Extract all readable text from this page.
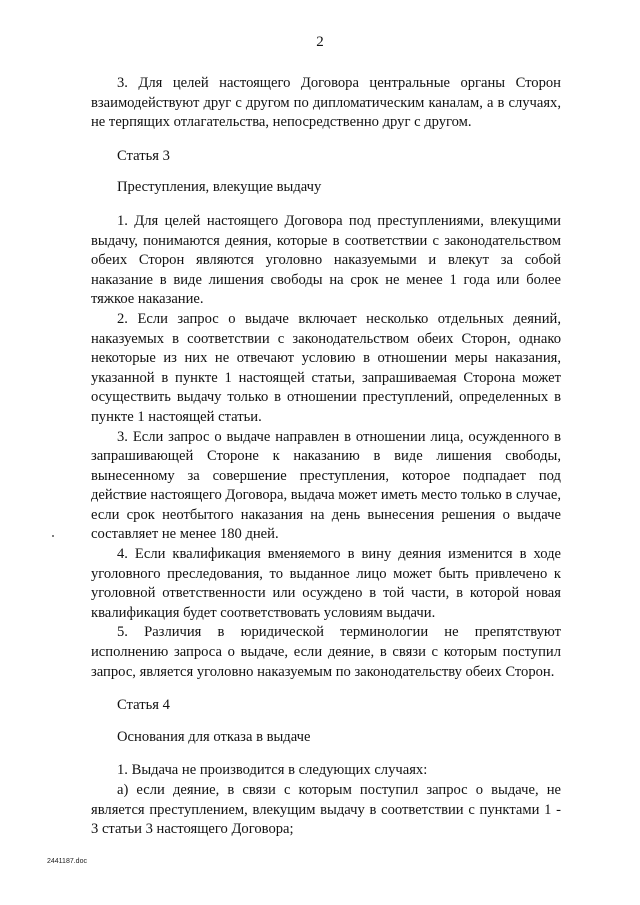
2

3. Для целей настоящего Договора центральные органы Сторон взаимодействуют друг с другом по дипломатическим каналам, а в случаях, не терпящих отлагательства, непосредственно друг с другом.

Статья 3

Преступления, влекущие выдачу

1. Для целей настоящего Договора под преступлениями, влекущими выдачу, понимаются деяния, которые в соответствии с законодательством обеих Сторон являются уголовно наказуемыми и влекут за собой наказание в виде лишения свободы на срок не менее 1 года или более тяжкое наказание.

2. Если запрос о выдаче включает несколько отдельных деяний, наказуемых в соответствии с законодательством обеих Сторон, однако некоторые из них не отвечают условию в отношении меры наказания, указанной в пункте 1 настоящей статьи, запрашиваемая Сторона может осуществить выдачу только в отношении преступлений, определенных в пункте 1 настоящей статьи.

3. Если запрос о выдаче направлен в отношении лица, осужденного в запрашивающей Стороне к наказанию в виде лишения свободы, вынесенному за совершение преступления, которое подпадает под действие настоящего Договора, выдача может иметь место только в случае, если срок неотбытого наказания на день вынесения решения о выдаче составляет не менее 180 дней.

4. Если квалификация вменяемого в вину деяния изменится в ходе уголовного преследования, то выданное лицо может быть привлечено к уголовной ответственности или осуждено в той части, в которой новая квалификация будет соответствовать условиям выдачи.

5. Различия в юридической терминологии не препятствуют исполнению запроса о выдаче, если деяние, в связи с которым поступил запрос, является уголовно наказуемым по законодательству обеих Сторон.

Статья 4

Основания для отказа в выдаче

1. Выдача не производится в следующих случаях:

а) если деяние, в связи с которым поступил запрос о выдаче, не является преступлением, влекущим выдачу в соответствии с пунктами 1 - 3 статьи 3 настоящего Договора;

2441187.doc
